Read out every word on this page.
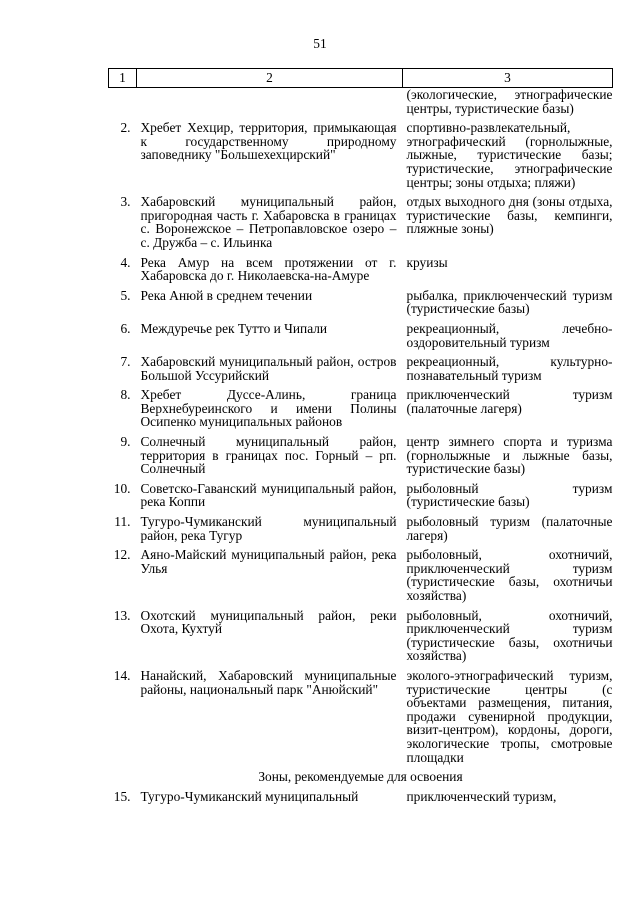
51
1	2	3
		(экологические, этнографические центры, туристические базы)
2.	Хребет Хехцир, территория, примыкающая к государственному природному заповеднику "Большехехцирский"	спортивно-развлекательный, этнографический (горнолыжные, лыжные, туристические базы; туристические, этнографические центры; зоны отдыха; пляжи)
3.	Хабаровский муниципальный район, пригородная часть г. Хабаровска в границах с. Воронежское – Петропавловское озеро – с. Дружба – с. Ильинка	отдых выходного дня (зоны отдыха, туристические базы, кемпинги, пляжные зоны)
4.	Река Амур на всем протяжении от г. Хабаровска до г. Николаевска-на-Амуре	круизы
5.	Река Анюй в среднем течении	рыбалка, приключенческий туризм (туристические базы)
6.	Междуречье рек Тутто и Чипали	рекреационный, лечебно-оздоровительный туризм
7.	Хабаровский муниципальный район, остров Большой Уссурийский	рекреационный, культурно-познавательный туризм
8.	Хребет Дуссе-Алинь, граница Верхнебуреинского и имени Полины Осипенко муниципальных районов	приключенческий туризм (палаточные лагеря)
9.	Солнечный муниципальный район, территория в границах пос. Горный – рп. Солнечный	центр зимнего спорта и туризма (горнолыжные и лыжные базы, туристические базы)
10.	Советско-Гаванский муниципальный район, река Коппи	рыболовный туризм (туристические базы)
11.	Тугуро-Чумиканский муниципальный район, река Тугур	рыболовный туризм (палаточные лагеря)
12.	Аяно-Майский муниципальный район, река Улья	рыболовный, охотничий, приключенческий туризм (туристические базы, охотничьи хозяйства)
13.	Охотский муниципальный район, реки Охота, Кухтуй	рыболовный, охотничий, приключенческий туризм (туристические базы, охотничьи хозяйства)
14.	Нанайский, Хабаровский муниципальные районы, национальный парк "Анюйский"	эколого-этнографический туризм, туристические центры (с объектами размещения, питания, продажи сувенирной продукции, визит-центром), кордоны, дороги, экологические тропы, смотровые площадки
Зоны, рекомендуемые для освоения		
15.	Тугуро-Чумиканский муниципальный	приключенческий туризм,
